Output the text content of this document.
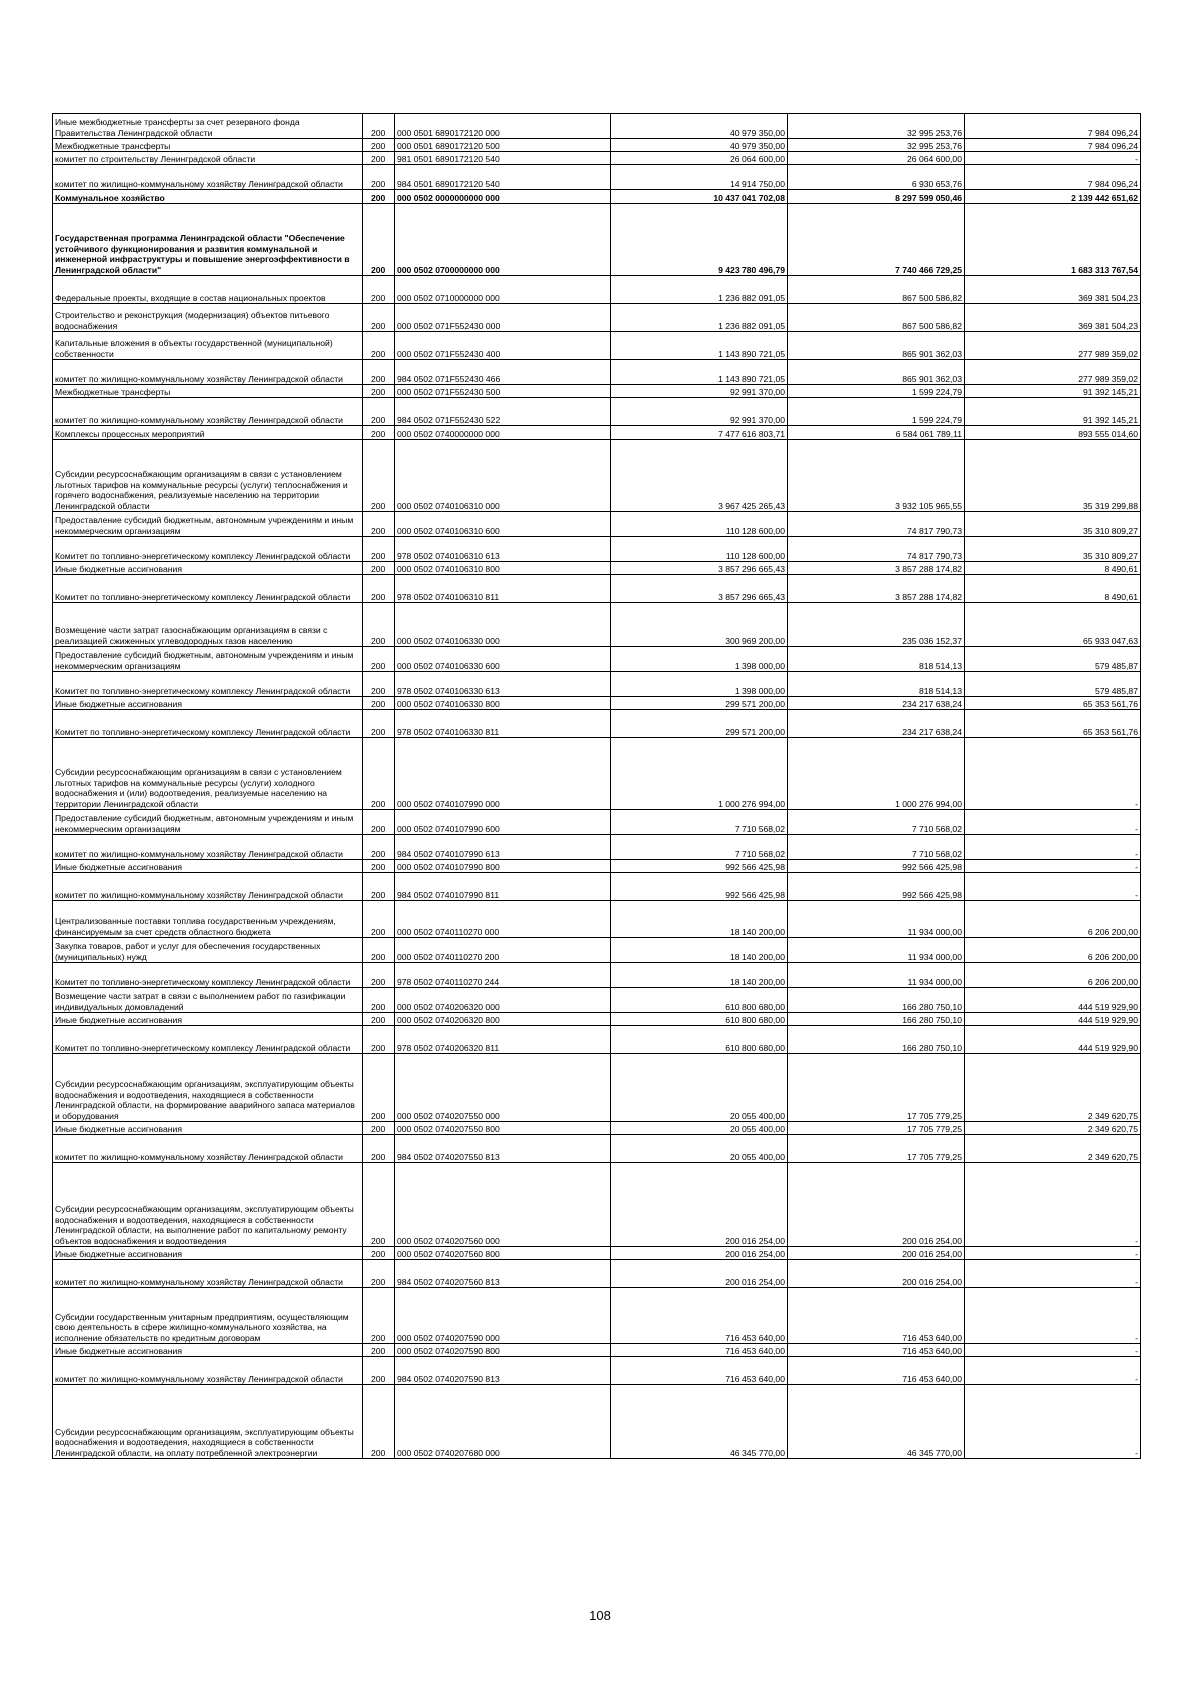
Иные межбюджетные трансферты за счет резервного фонда Правительства Ленинградской области	200	000 0501 6890172120 000	40 979 350,00	32 995 253,76	7 984 096,24
Межбюджетные трансферты	200	000 0501 6890172120 500	40 979 350,00	32 995 253,76	7 984 096,24
комитет по строительству Ленинградской области	200	981 0501 6890172120 540	26 064 600,00	26 064 600,00	-
комитет по жилищно-коммунальному хозяйству Ленинградской области	200	984 0501 6890172120 540	14 914 750,00	6 930 653,76	7 984 096,24
Коммунальное хозяйство	200	000 0502 0000000000 000	10 437 041 702,08	8 297 599 050,46	2 139 442 651,62
Государственная программа Ленинградской области "Обеспечение устойчивого функционирования и развития коммунальной и инженерной инфраструктуры и повышение энергоэффективности в Ленинградской области"	200	000 0502 0700000000 000	9 423 780 496,79	7 740 466 729,25	1 683 313 767,54
Федеральные проекты, входящие в состав национальных проектов	200	000 0502 0710000000 000	1 236 882 091,05	867 500 586,82	369 381 504,23
Строительство и реконструкция (модернизация) объектов питьевого водоснабжения	200	000 0502 071F552430 000	1 236 882 091,05	867 500 586,82	369 381 504,23
Капитальные вложения в объекты государственной (муниципальной) собственности	200	000 0502 071F552430 400	1 143 890 721,05	865 901 362,03	277 989 359,02
комитет по жилищно-коммунальному хозяйству Ленинградской области	200	984 0502 071F552430 466	1 143 890 721,05	865 901 362,03	277 989 359,02
Межбюджетные трансферты	200	000 0502 071F552430 500	92 991 370,00	1 599 224,79	91 392 145,21
комитет по жилищно-коммунальному хозяйству Ленинградской области	200	984 0502 071F552430 522	92 991 370,00	1 599 224,79	91 392 145,21
Комплексы процессных мероприятий	200	000 0502 0740000000 000	7 477 616 803,71	6 584 061 789,11	893 555 014,60
Субсидии ресурсоснабжающим организациям в связи с установлением льготных тарифов на коммунальные ресурсы (услуги) теплоснабжения и горячего водоснабжения, реализуемые населению на территории Ленинградской области	200	000 0502 0740106310 000	3 967 425 265,43	3 932 105 965,55	35 319 299,88
Предоставление субсидий бюджетным, автономным учреждениям и иным некоммерческим организациям	200	000 0502 0740106310 600	110 128 600,00	74 817 790,73	35 310 809,27
Комитет по топливно-энергетическому комплексу Ленинградской области	200	978 0502 0740106310 613	110 128 600,00	74 817 790,73	35 310 809,27
Иные бюджетные ассигнования	200	000 0502 0740106310 800	3 857 296 665,43	3 857 288 174,82	8 490,61
Комитет по топливно-энергетическому комплексу Ленинградской области	200	978 0502 0740106310 811	3 857 296 665,43	3 857 288 174,82	8 490,61
Возмещение части затрат газоснабжающим организациям в связи с реализацией сжиженных углеводородных газов населению	200	000 0502 0740106330 000	300 969 200,00	235 036 152,37	65 933 047,63
Предоставление субсидий бюджетным, автономным учреждениям и иным некоммерческим организациям	200	000 0502 0740106330 600	1 398 000,00	818 514,13	579 485,87
Комитет по топливно-энергетическому комплексу Ленинградской области	200	978 0502 0740106330 613	1 398 000,00	818 514,13	579 485,87
Иные бюджетные ассигнования	200	000 0502 0740106330 800	299 571 200,00	234 217 638,24	65 353 561,76
Комитет по топливно-энергетическому комплексу Ленинградской области	200	978 0502 0740106330 811	299 571 200,00	234 217 638,24	65 353 561,76
Субсидии ресурсоснабжающим организациям в связи с установлением льготных тарифов на коммунальные ресурсы (услуги) холодного водоснабжения и (или) водоотведения, реализуемые населению на территории Ленинградской области	200	000 0502 0740107990 000	1 000 276 994,00	1 000 276 994,00	-
Предоставление субсидий бюджетным, автономным учреждениям и иным некоммерческим организациям	200	000 0502 0740107990 600	7 710 568,02	7 710 568,02	-
комитет по жилищно-коммунальному хозяйству Ленинградской области	200	984 0502 0740107990 613	7 710 568,02	7 710 568,02	-
Иные бюджетные ассигнования	200	000 0502 0740107990 800	992 566 425,98	992 566 425,98	-
комитет по жилищно-коммунальному хозяйству Ленинградской области	200	984 0502 0740107990 811	992 566 425,98	992 566 425,98	-
Централизованные поставки топлива государственным учреждениям, финансируемым за счет средств областного бюджета	200	000 0502 0740110270 000	18 140 200,00	11 934 000,00	6 206 200,00
Закупка товаров, работ и услуг для обеспечения государственных (муниципальных) нужд	200	000 0502 0740110270 200	18 140 200,00	11 934 000,00	6 206 200,00
Комитет по топливно-энергетическому комплексу Ленинградской области	200	978 0502 0740110270 244	18 140 200,00	11 934 000,00	6 206 200,00
Возмещение части затрат в связи с выполнением работ по газификации индивидуальных домовладений	200	000 0502 0740206320 000	610 800 680,00	166 280 750,10	444 519 929,90
Иные бюджетные ассигнования	200	000 0502 0740206320 800	610 800 680,00	166 280 750,10	444 519 929,90
Комитет по топливно-энергетическому комплексу Ленинградской области	200	978 0502 0740206320 811	610 800 680,00	166 280 750,10	444 519 929,90
Субсидии ресурсоснабжающим организациям, эксплуатирующим объекты водоснабжения и водоотведения, находящиеся в собственности Ленинградской области, на формирование аварийного запаса материалов и оборудования	200	000 0502 0740207550 000	20 055 400,00	17 705 779,25	2 349 620,75
Иные бюджетные ассигнования	200	000 0502 0740207550 800	20 055 400,00	17 705 779,25	2 349 620,75
комитет по жилищно-коммунальному хозяйству Ленинградской области	200	984 0502 0740207550 813	20 055 400,00	17 705 779,25	2 349 620,75
Субсидии ресурсоснабжающим организациям, эксплуатирующим объекты водоснабжения и водоотведения, находящиеся в собственности Ленинградской области, на выполнение работ по капитальному ремонту объектов водоснабжения и водоотведения	200	000 0502 0740207560 000	200 016 254,00	200 016 254,00	-
Иные бюджетные ассигнования	200	000 0502 0740207560 800	200 016 254,00	200 016 254,00	-
комитет по жилищно-коммунальному хозяйству Ленинградской области	200	984 0502 0740207560 813	200 016 254,00	200 016 254,00	-
Субсидии государственным унитарным предприятиям, осуществляющим свою деятельность в сфере жилищно-коммунального хозяйства, на исполнение обязательств по кредитным договорам	200	000 0502 0740207590 000	716 453 640,00	716 453 640,00	-
Иные бюджетные ассигнования	200	000 0502 0740207590 800	716 453 640,00	716 453 640,00	-
комитет по жилищно-коммунальному хозяйству Ленинградской области	200	984 0502 0740207590 813	716 453 640,00	716 453 640,00	-
Субсидии ресурсоснабжающим организациям, эксплуатирующим объекты водоснабжения и водоотведения, находящиеся в собственности Ленинградской области, на оплату потребленной электроэнергии	200	000 0502 0740207680 000	46 345 770,00	46 345 770,00	-
108
